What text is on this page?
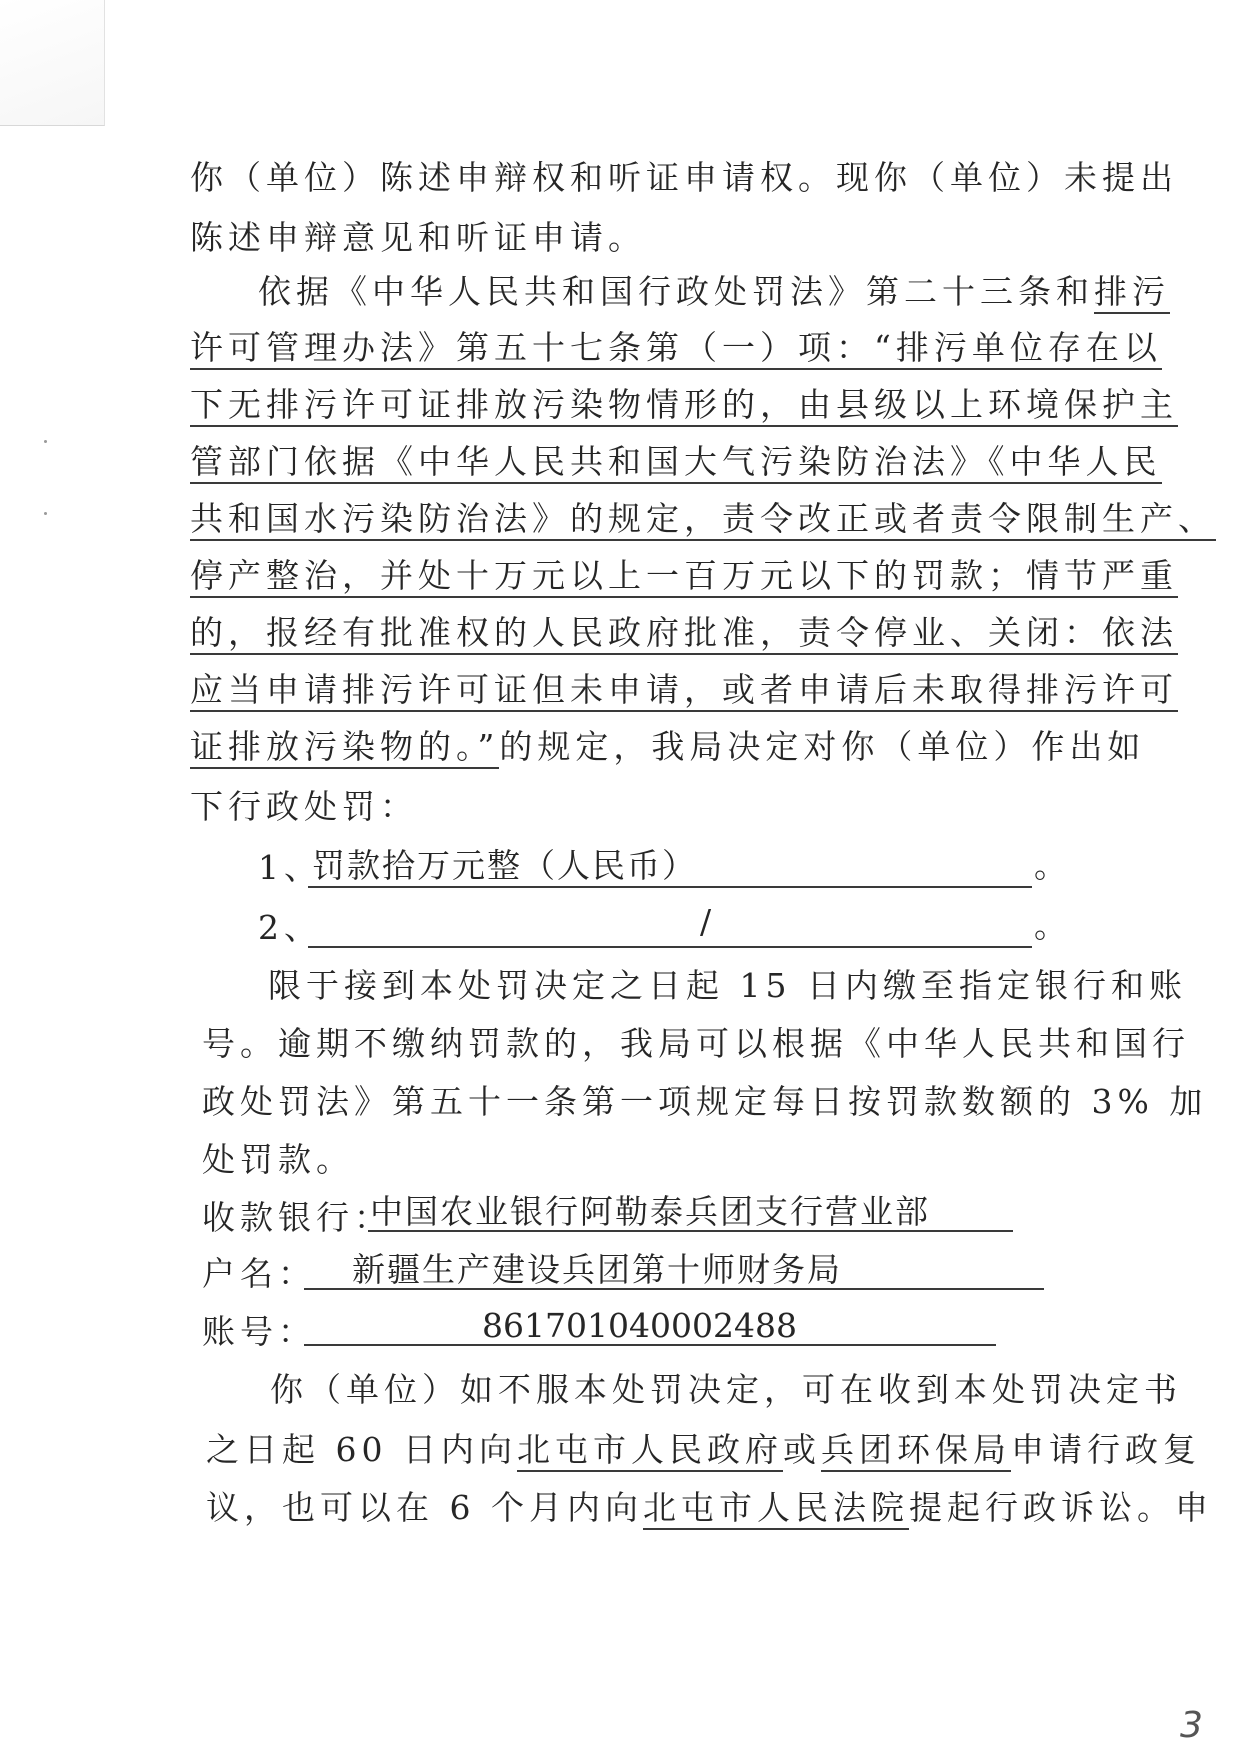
你（单位）陈述申辩权和听证申请权。现你（单位）未提出
陈述申辩意见和听证申请。
依据《中华人民共和国行政处罚法》第二十三条和排污
许可管理办法》第五十七条第（一）项：“排污单位存在以
下无排污许可证排放污染物情形的，由县级以上环境保护主
管部门依据《中华人民共和国大气污染防治法》《中华人民
共和国水污染防治法》的规定，责令改正或者责令限制生产、
停产整治，并处十万元以上一百万元以下的罚款；情节严重
的，报经有批准权的人民政府批准，责令停业、关闭：依法
应当申请排污许可证但未申请，或者申请后未取得排污许可
证排放污染物的。”的规定，我局决定对你（单位）作出如
下行政处罚：
1、
罚款拾万元整（人民币）	。
2、	/	。
限于接到本处罚决定之日起 15 日内缴至指定银行和账
号。逾期不缴纳罚款的，我局可以根据《中华人民共和国行
政处罚法》第五十一条第一项规定每日按罚款数额的 3% 加
处罚款。
收款银行：
中国农业银行阿勒泰兵团支行营业部
户名： 新疆生产建设兵团第十师财务局
账号：	861701040002488
你（单位）如不服本处罚决定，可在收到本处罚决定书
之日起 60 日内向北屯市人民政府或兵团环保局申请行政复
议，也可以在 6 个月内向北屯市人民法院提起行政诉讼。申
3
